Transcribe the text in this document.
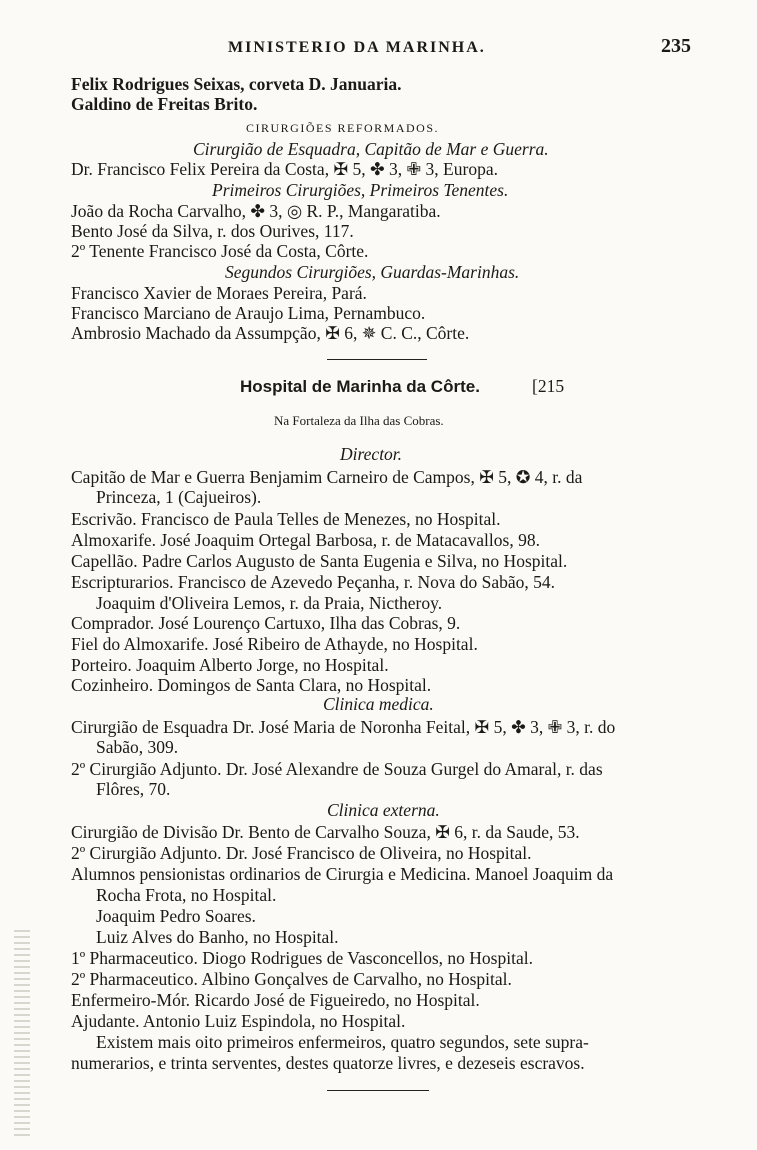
MINISTERIO DA MARINHA.	235
Felix Rodrigues Seixas, corveta D. Januaria.
Galdino de Freitas Brito.
CIRURGIÕES REFORMADOS.
Cirurgião de Esquadra, Capitão de Mar e Guerra.
Dr. Francisco Felix Pereira da Costa, ✠ 5, ✤ 3, ✙ 3, Europa.
Primeiros Cirurgiões, Primeiros Tenentes.
João da Rocha Carvalho, ✤ 3, ◎ R. P., Mangaratiba.
Bento José da Silva, r. dos Ourives, 117.
2º Tenente Francisco José da Costa, Côrte.
Segundos Cirurgiões, Guardas-Marinhas.
Francisco Xavier de Moraes Pereira, Pará.
Francisco Marciano de Araujo Lima, Pernambuco.
Ambrosio Machado da Assumpção, ✠ 6, ✵ C. C., Côrte.
Hospital de Marinha da Côrte.	[215
Na Fortaleza da Ilha das Cobras.
Director.
Capitão de Mar e Guerra Benjamim Carneiro de Campos, ✠ 5, ✪ 4, r. da
Princeza, 1 (Cajueiros).
Escrivão. Francisco de Paula Telles de Menezes, no Hospital.
Almoxarife. José Joaquim Ortegal Barbosa, r. de Matacavallos, 98.
Capellão. Padre Carlos Augusto de Santa Eugenia e Silva, no Hospital.
Escripturarios. Francisco de Azevedo Peçanha, r. Nova do Sabão, 54.
Joaquim d'Oliveira Lemos, r. da Praia, Nictheroy.
Comprador. José Lourenço Cartuxo, Ilha das Cobras, 9.
Fiel do Almoxarife. José Ribeiro de Athayde, no Hospital.
Porteiro. Joaquim Alberto Jorge, no Hospital.
Cozinheiro. Domingos de Santa Clara, no Hospital.
Clinica medica.
Cirurgião de Esquadra Dr. José Maria de Noronha Feital, ✠ 5, ✤ 3, ✙ 3, r. do
Sabão, 309.
2º Cirurgião Adjunto. Dr. José Alexandre de Souza Gurgel do Amaral, r. das
Flôres, 70.
Clinica externa.
Cirurgião de Divisão Dr. Bento de Carvalho Souza, ✠ 6, r. da Saude, 53.
2º Cirurgião Adjunto. Dr. José Francisco de Oliveira, no Hospital.
Alumnos pensionistas ordinarios de Cirurgia e Medicina. Manoel Joaquim da
Rocha Frota, no Hospital.
Joaquim Pedro Soares.
Luiz Alves do Banho, no Hospital.
1º Pharmaceutico. Diogo Rodrigues de Vasconcellos, no Hospital.
2º Pharmaceutico. Albino Gonçalves de Carvalho, no Hospital.
Enfermeiro-Mór. Ricardo José de Figueiredo, no Hospital.
Ajudante. Antonio Luiz Espindola, no Hospital.
Existem mais oito primeiros enfermeiros, quatro segundos, sete supra-
numerarios, e trinta serventes, destes quatorze livres, e dezeseis escravos.
